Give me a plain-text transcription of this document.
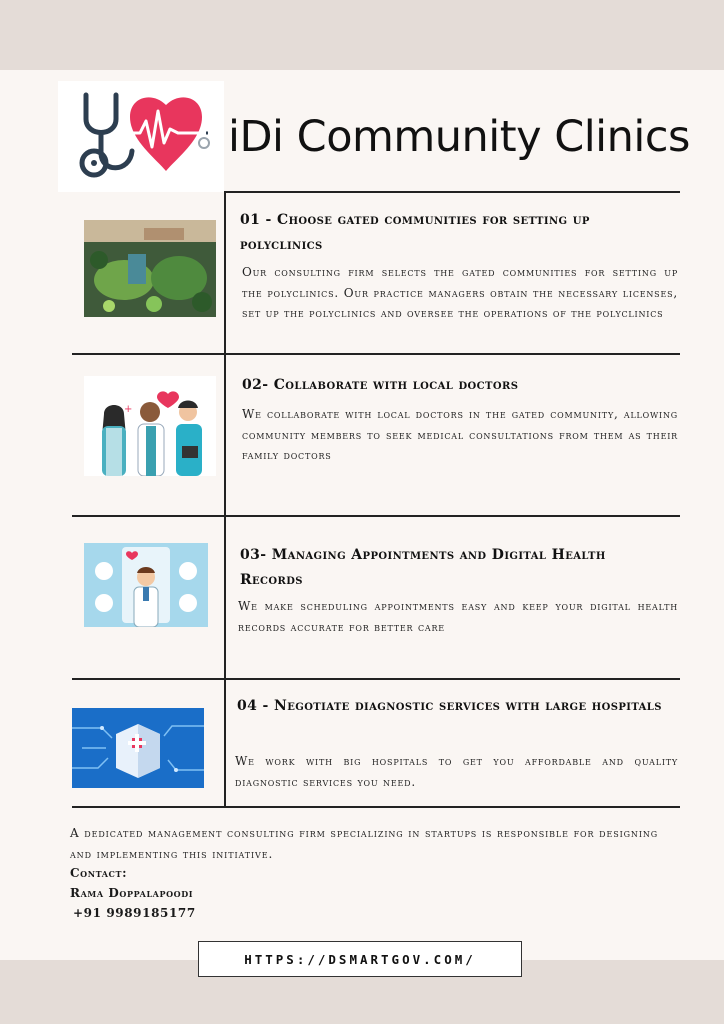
iDi Community Clinics
01 - Choose gated communities for setting up polyclinics
Our consulting firm selects the gated communities for setting up the polyclinics. Our practice managers obtain the necessary licenses, set up the polyclinics and oversee the operations of the polyclinics
+
02- Collaborate with local doctors
We collaborate with local doctors in the gated community, allowing community members to seek medical consultations from them as their family doctors
03- Managing Appointments and Digital Health Records
We make scheduling appointments easy and keep your digital health records accurate for better care
04 - Negotiate diagnostic services with large hospitals
We work with big hospitals to get you affordable and quality diagnostic services you need.
A dedicated management consulting firm specializing in startups is responsible for designing and implementing this initiative.
Contact:
Rama Doppalapoodi
+91 9989185177
HTTPS://DSMARTGOV.COM/
